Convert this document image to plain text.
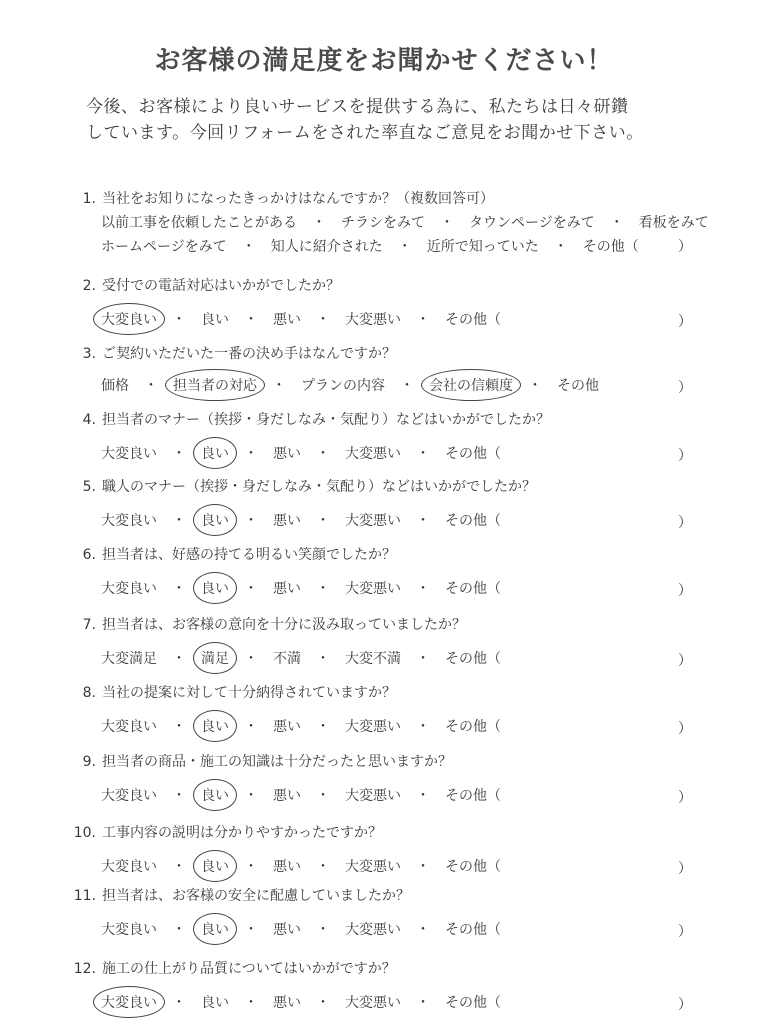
お客様の満足度をお聞かせください！
今後、お客様により良いサービスを提供する為に、私たちは日々研鑽
しています。今回リフォームをされた率直なご意見をお聞かせ下さい。
1. 当社をお知りになったきっかけはなんですか？（複数回答可）
以前工事を依頼したことがある ・ チラシをみて ・ タウンページをみて ・ 看板をみて
ホームページをみて ・ 知人に紹介された ・ 近所で知っていた ・ その他（	）
2. 受付での電話対応はいかがでしたか？
大変良い ・ 良い ・ 悪い ・ 大変悪い ・ その他（	）
3. ご契約いただいた一番の決め手はなんですか？
価格 ・ 担当者の対応 ・ プランの内容 ・ 会社の信頼度 ・ その他	）
4. 担当者のマナー（挨拶・身だしなみ・気配り）などはいかがでしたか？
大変良い ・ 良い ・ 悪い ・ 大変悪い ・ その他（	）
5. 職人のマナー（挨拶・身だしなみ・気配り）などはいかがでしたか？
大変良い ・ 良い ・ 悪い ・ 大変悪い ・ その他（	）
6. 担当者は、好感の持てる明るい笑顔でしたか？
大変良い ・ 良い ・ 悪い ・ 大変悪い ・ その他（	）
7. 担当者は、お客様の意向を十分に汲み取っていましたか？
大変満足 ・ 満足 ・ 不満 ・ 大変不満 ・ その他（	）
8. 当社の提案に対して十分納得されていますか？
大変良い ・ 良い ・ 悪い ・ 大変悪い ・ その他（	）
9. 担当者の商品・施工の知識は十分だったと思いますか？
大変良い ・ 良い ・ 悪い ・ 大変悪い ・ その他（	）
10. 工事内容の説明は分かりやすかったですか？
大変良い ・ 良い ・ 悪い ・ 大変悪い ・ その他（	）
11. 担当者は、お客様の安全に配慮していましたか？
大変良い ・ 良い ・ 悪い ・ 大変悪い ・ その他（	）
12. 施工の仕上がり品質についてはいかがですか？
大変良い ・ 良い ・ 悪い ・ 大変悪い ・ その他（	）
